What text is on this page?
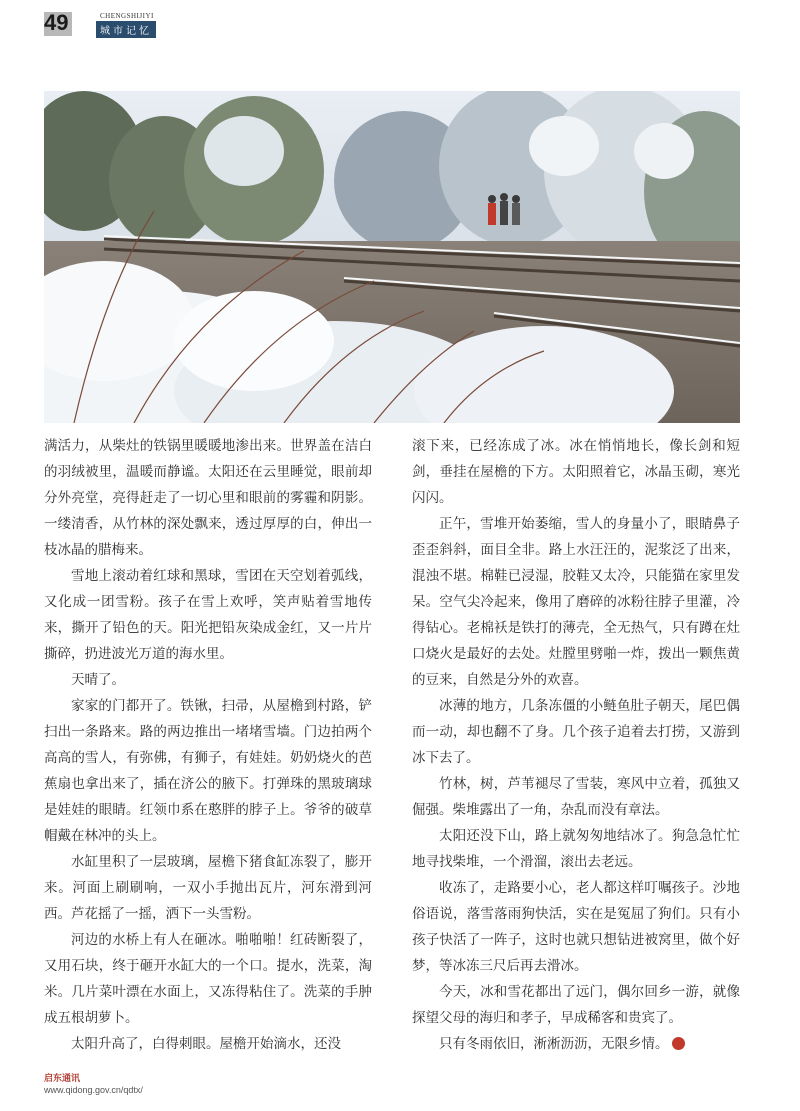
49	CHENGSHIJIYI
城市记忆

满活力，从柴灶的铁锅里暖暖地渗出来。世界盖在洁白的羽绒被里，温暖而静谧。太阳还在云里睡觉，眼前却分外亮堂，亮得赶走了一切心里和眼前的雾霾和阴影。一缕清香，从竹林的深处飘来，透过厚厚的白，伸出一枝冰晶的腊梅来。

雪地上滚动着红球和黑球，雪团在天空划着弧线，又化成一团雪粉。孩子在雪上欢呼，笑声贴着雪地传来，撕开了铅色的天。阳光把铅灰染成金红，又一片片撕碎，扔进波光万道的海水里。

天晴了。

家家的门都开了。铁锹，扫帚，从屋檐到村路，铲扫出一条路来。路的两边推出一堵堵雪墙。门边拍两个高高的雪人，有弥佛，有狮子，有娃娃。奶奶烧火的芭蕉扇也拿出来了，插在济公的腋下。打弹珠的黑玻璃球是娃娃的眼睛。红领巾系在憨胖的脖子上。爷爷的破草帽戴在林冲的头上。

水缸里积了一层玻璃，屋檐下猪食缸冻裂了，膨开来。河面上刷刷响，一双小手抛出瓦片，河东滑到河西。芦花摇了一摇，洒下一头雪粉。

河边的水桥上有人在砸冰。啪啪啪！红砖断裂了，又用石块，终于砸开水缸大的一个口。提水，洗菜，淘米。几片菜叶漂在水面上，又冻得粘住了。洗菜的手肿成五根胡萝卜。

太阳升高了，白得刺眼。屋檐开始滴水，还没

滚下来，已经冻成了冰。冰在悄悄地长，像长剑和短剑，垂挂在屋檐的下方。太阳照着它，冰晶玉砌，寒光闪闪。

正午，雪堆开始萎缩，雪人的身量小了，眼睛鼻子歪歪斜斜，面目全非。路上水汪汪的，泥浆泛了出来，混浊不堪。棉鞋已浸湿，胶鞋又太冷，只能猫在家里发呆。空气尖冷起来，像用了磨碎的冰粉往脖子里灌，冷得钻心。老棉袄是铁打的薄壳，全无热气，只有蹲在灶口烧火是最好的去处。灶膛里劈啪一炸，拨出一颗焦黄的豆来，自然是分外的欢喜。

冰薄的地方，几条冻僵的小鲢鱼肚子朝天，尾巴偶而一动，却也翻不了身。几个孩子追着去打捞，又游到冰下去了。

竹林，树，芦苇褪尽了雪装，寒风中立着，孤独又倔强。柴堆露出了一角，杂乱而没有章法。

太阳还没下山，路上就匆匆地结冰了。狗急急忙忙地寻找柴堆，一个滑溜，滚出去老远。

收冻了，走路要小心，老人都这样叮嘱孩子。沙地俗语说，落雪落雨狗快活，实在是冤屈了狗们。只有小孩子快活了一阵子，这时也就只想钻进被窝里，做个好梦，等冰冻三尺后再去滑冰。

今天，冰和雪花都出了远门，偶尔回乡一游，就像探望父母的海归和孝子，早成稀客和贵宾了。

只有冬雨依旧，淅淅沥沥，无限乡情。

启东通讯
www.qidong.gov.cn/qdtx/
